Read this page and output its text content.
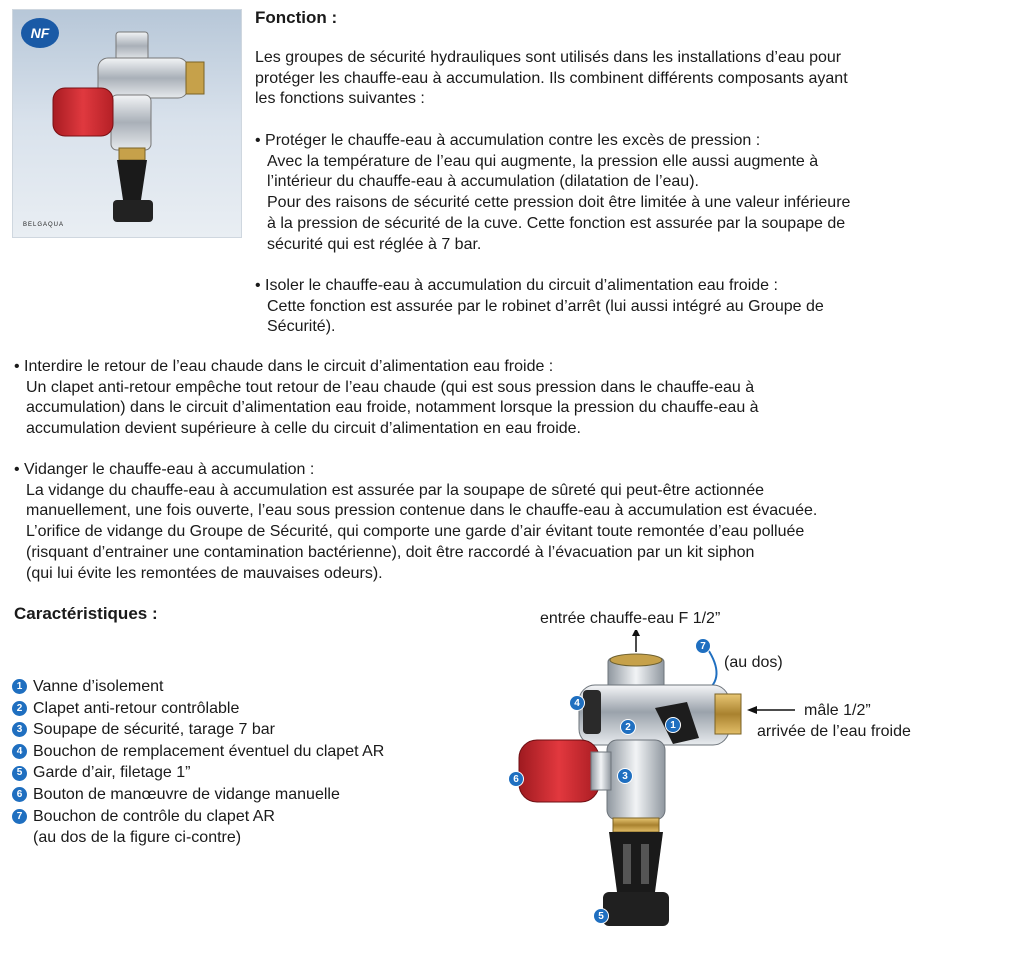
NF
BELGAQUA
Fonction :

Les groupes de sécurité hydrauliques sont utilisés dans les installations d’eau pour

protéger les chauffe-eau à accumulation. Ils combinent différents composants ayant

les fonctions suivantes :

• Protéger le chauffe-eau à accumulation contre les excès de pression :

Avec la température de l’eau qui augmente, la pression elle aussi augmente à

l’intérieur du chauffe-eau à accumulation (dilatation de l’eau).

Pour des raisons de sécurité cette pression doit être limitée à une valeur inférieure

à la pression de sécurité de la cuve. Cette fonction est assurée par la soupape de

sécurité qui est réglée à 7 bar.

• Isoler le chauffe-eau à accumulation du circuit d’alimentation eau froide :

Cette fonction est assurée par le robinet d’arrêt (lui aussi intégré au Groupe de

Sécurité).

• Interdire le retour de l’eau chaude dans le circuit d’alimentation eau froide :

Un clapet anti-retour empêche tout retour de l’eau chaude (qui est sous pression dans le chauffe-eau à

accumulation) dans le circuit d’alimentation eau froide, notamment lorsque la pression du chauffe-eau à

accumulation devient supérieure à celle du circuit d’alimentation en eau froide.

• Vidanger le chauffe-eau à accumulation :

La vidange du chauffe-eau à accumulation est assurée par la soupape de sûreté qui peut-être actionnée

manuellement, une fois ouverte, l’eau sous pression contenue dans le chauffe-eau à accumulation est évacuée.

L’orifice de vidange du Groupe de Sécurité, qui comporte une garde d’air évitant toute remontée d’eau polluée

(risquant d’entrainer une contamination bactérienne), doit être raccordé à l’évacuation par un kit siphon

(qui lui évite les remontées de mauvaises odeurs).

Caractéristiques :
1 Vanne d’isolement
2 Clapet anti-retour contrôlable
3 Soupape de sécurité, tarage 7 bar
4 Bouchon de remplacement éventuel du clapet AR
5 Garde d’air, filetage 1”
6 Bouton de manœuvre de vidange manuelle
7 Bouchon de contrôle du clapet AR
(au dos de la figure ci-contre)

entrée chauffe-eau F 1/2”

(au dos)

mâle 1/2”

arrivée de l’eau froide

1
2
3
4
5
6
7
